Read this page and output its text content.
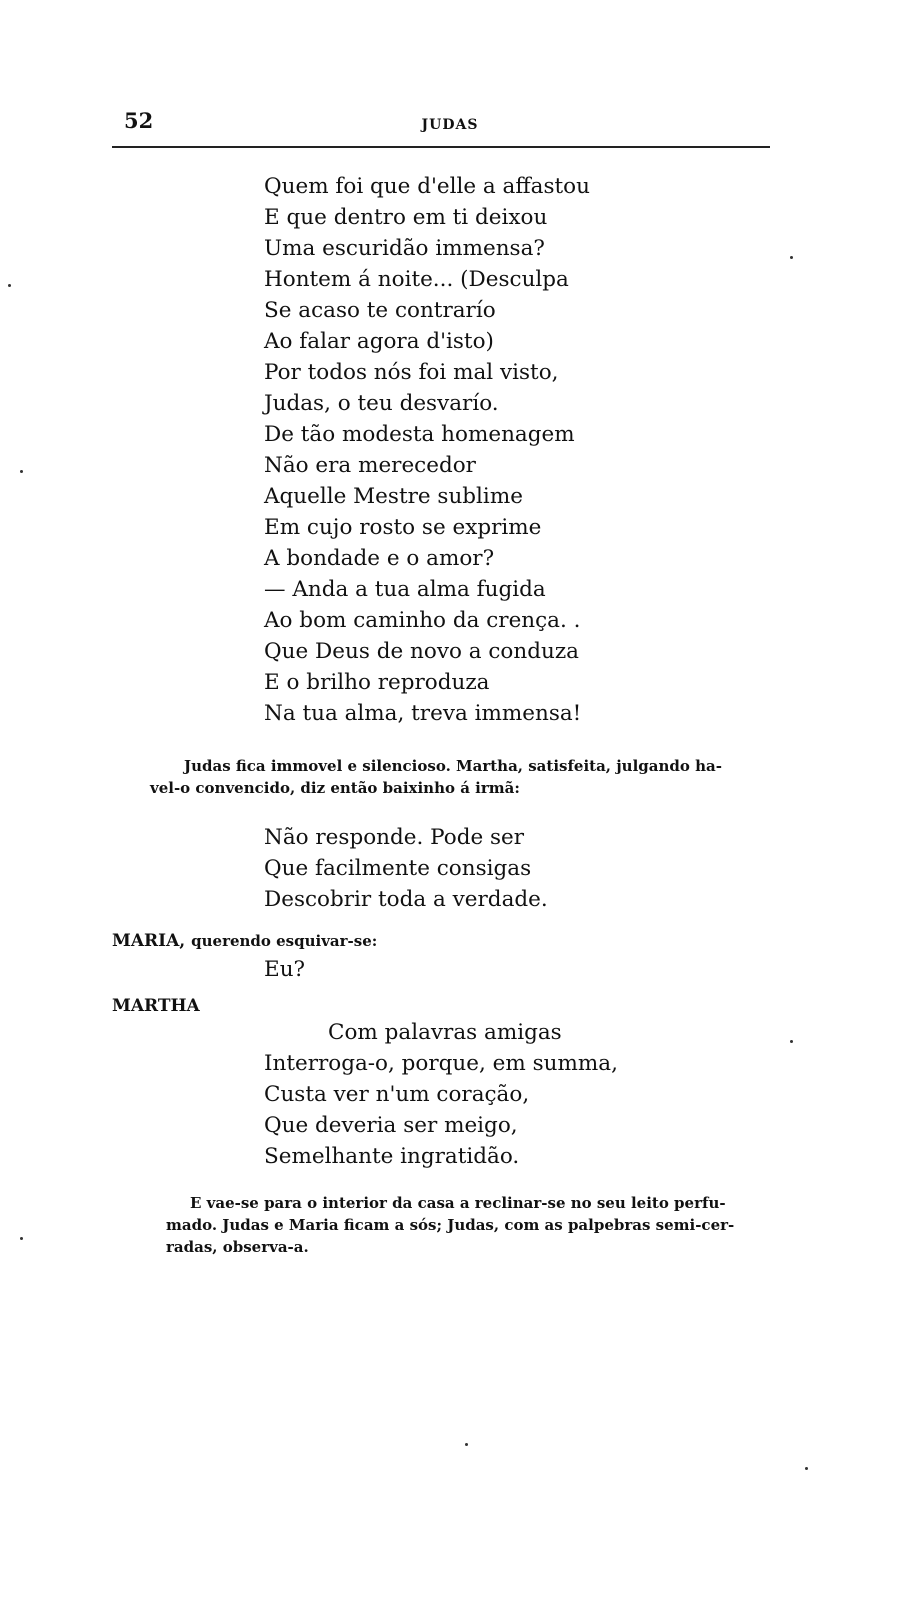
52	JUDAS
Quem foi que d'elle a affastou
E que dentro em ti deixou
Uma escuridão immensa?
Hontem á noite... (Desculpa
Se acaso te contrarío
Ao falar agora d'isto)
Por todos nós foi mal visto,
Judas, o teu desvarío.
De tão modesta homenagem
Não era merecedor
Aquelle Mestre sublime
Em cujo rosto se exprime
A bondade e o amor?
— Anda a tua alma fugida
Ao bom caminho da crença. .
Que Deus de novo a conduza
E o brilho reproduza
Na tua alma, treva immensa!
Judas fica immovel e silencioso. Martha, satisfeita, julgando ha-
vel-o convencido, diz então baixinho á irmã:
Não responde. Pode ser
Que facilmente consigas
Descobrir toda a verdade.
MARIA, querendo esquivar-se:
Eu?
MARTHA
Com palavras amigas
Interroga-o, porque, em summa,
Custa ver n'um coração,
Que deveria ser meigo,
Semelhante ingratidão.
E vae-se para o interior da casa a reclinar-se no seu leito perfu-
mado. Judas e Maria ficam a sós; Judas, com as palpebras semi-cer-
radas, observa-a.
